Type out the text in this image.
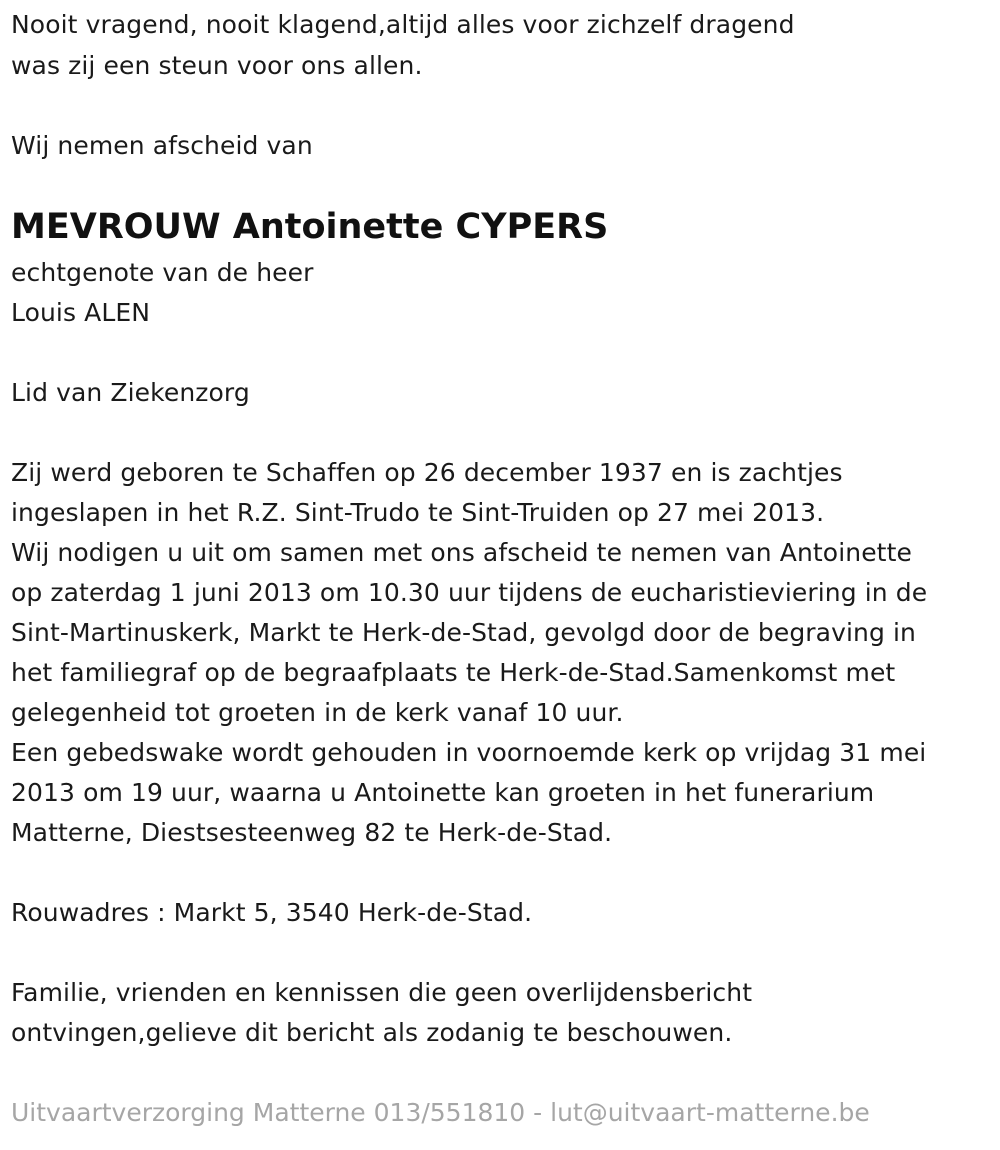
Nooit vragend, nooit klagend,altijd alles voor zichzelf dragend
was zij een steun voor ons allen.
Wij nemen afscheid van
MEVROUW Antoinette CYPERS
echtgenote van de heer
Louis ALEN
Lid van Ziekenzorg
Zij werd geboren te Schaffen op 26 december 1937 en is zachtjes
ingeslapen in het R.Z. Sint-Trudo te Sint-Truiden op 27 mei 2013.
Wij nodigen u uit om samen met ons afscheid te nemen van Antoinette
op zaterdag 1 juni 2013 om 10.30 uur tijdens de eucharistieviering in de
Sint-Martinuskerk, Markt te Herk-de-Stad, gevolgd door de begraving in
het familiegraf op de begraafplaats te Herk-de-Stad.Samenkomst met
gelegenheid tot groeten in de kerk vanaf 10 uur.
Een gebedswake wordt gehouden in voornoemde kerk op vrijdag 31 mei
2013 om 19 uur, waarna u Antoinette kan groeten in het funerarium
Matterne, Diestsesteenweg 82 te Herk-de-Stad.
Rouwadres : Markt 5, 3540 Herk-de-Stad.
Familie, vrienden en kennissen die geen overlijdensbericht
ontvingen,gelieve dit bericht als zodanig te beschouwen.
Uitvaartverzorging Matterne 013/551810 - lut@uitvaart-matterne.be
